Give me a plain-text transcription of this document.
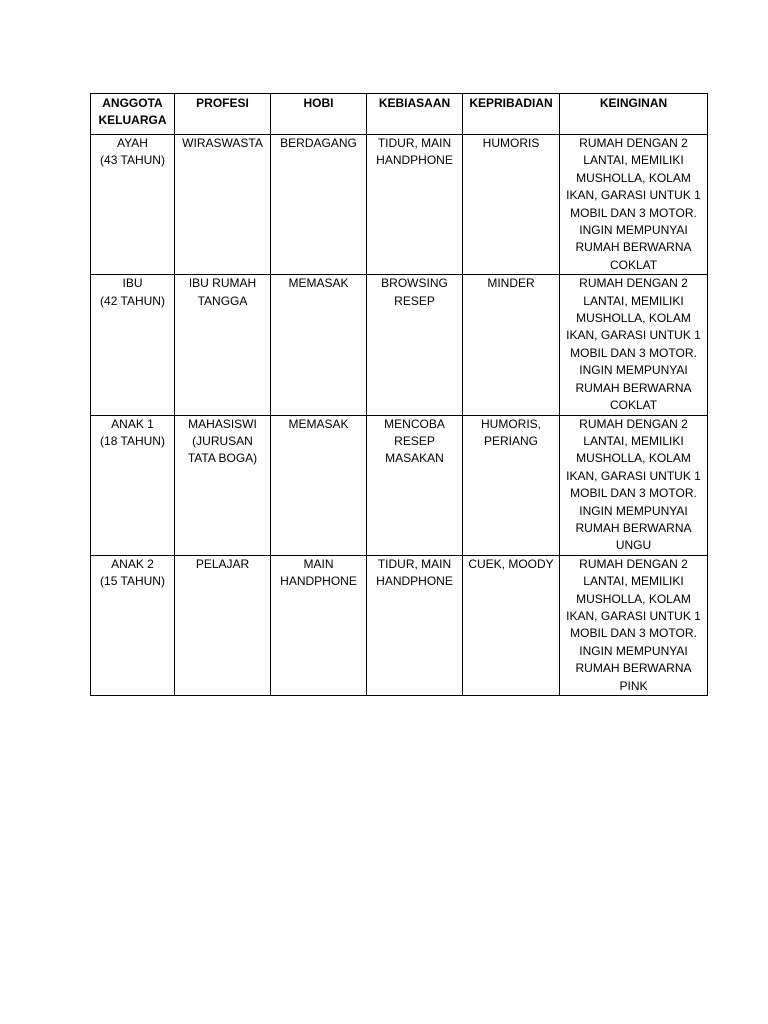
ANGGOTA
KELUARGA	PROFESI	HOBI	KEBIASAAN	KEPRIBADIAN	KEINGINAN

AYAH
(43 TAHUN)	WIRASWASTA	BERDAGANG	TIDUR, MAIN HANDPHONE	HUMORIS	RUMAH DENGAN 2 LANTAI, MEMILIKI MUSHOLLA, KOLAM IKAN, GARASI UNTUK 1 MOBIL DAN 3 MOTOR. INGIN MEMPUNYAI RUMAH BERWARNA COKLAT

IBU
(42 TAHUN)	IBU RUMAH TANGGA	MEMASAK	BROWSING RESEP	MINDER	RUMAH DENGAN 2 LANTAI, MEMILIKI MUSHOLLA, KOLAM IKAN, GARASI UNTUK 1 MOBIL DAN 3 MOTOR. INGIN MEMPUNYAI RUMAH BERWARNA COKLAT

ANAK 1
(18 TAHUN)	MAHASISWI (JURUSAN TATA BOGA)	MEMASAK	MENCOBA RESEP MASAKAN	HUMORIS, PERIANG	RUMAH DENGAN 2 LANTAI, MEMILIKI MUSHOLLA, KOLAM IKAN, GARASI UNTUK 1 MOBIL DAN 3 MOTOR. INGIN MEMPUNYAI RUMAH BERWARNA UNGU

ANAK 2
(15 TAHUN)	PELAJAR	MAIN HANDPHONE	TIDUR, MAIN HANDPHONE	CUEK, MOODY	RUMAH DENGAN 2 LANTAI, MEMILIKI MUSHOLLA, KOLAM IKAN, GARASI UNTUK 1 MOBIL DAN 3 MOTOR. INGIN MEMPUNYAI RUMAH BERWARNA PINK
